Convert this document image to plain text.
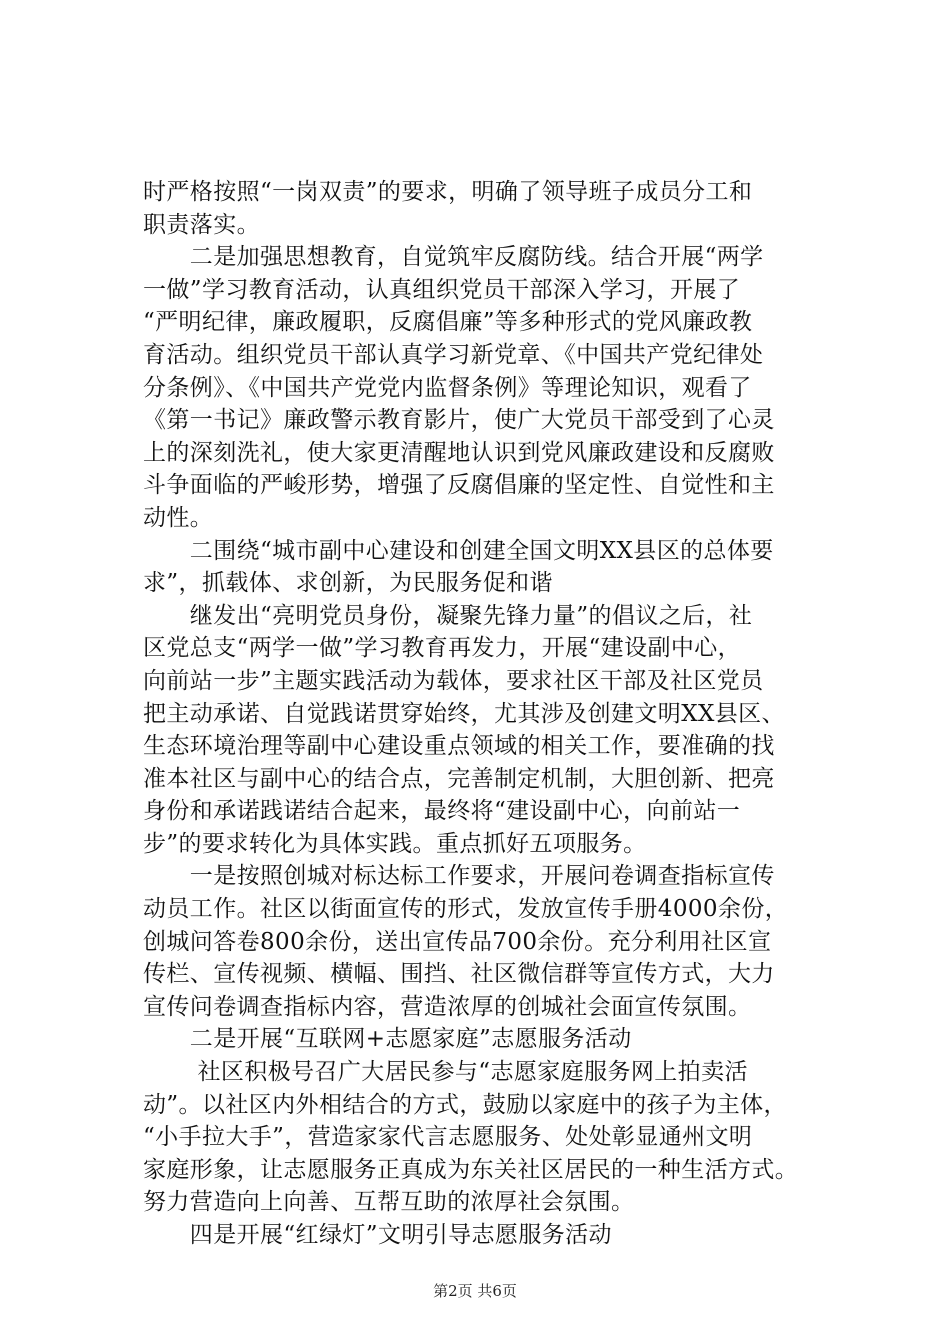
时严格按照“一岗双责”的要求，明确了领导班子成员分工和
职责落实。
　　二是加强思想教育，自觉筑牢反腐防线。结合开展“两学
一做”学习教育活动，认真组织党员干部深入学习，开展了
“严明纪律，廉政履职，反腐倡廉”等多种形式的党风廉政教
育活动。组织党员干部认真学习新党章、《中国共产党纪律处
分条例》、《中国共产党党内监督条例》等理论知识，观看了
《第一书记》廉政警示教育影片，使广大党员干部受到了心灵
上的深刻洗礼，使大家更清醒地认识到党风廉政建设和反腐败
斗争面临的严峻形势，增强了反腐倡廉的坚定性、自觉性和主
动性。
　　二围绕“城市副中心建设和创建全国文明XX县区的总体要
求”，抓载体、求创新，为民服务促和谐
　　继发出“亮明党员身份，凝聚先锋力量”的倡议之后，社
区党总支“两学一做”学习教育再发力，开展“建设副中心，
向前站一步”主题实践活动为载体，要求社区干部及社区党员
把主动承诺、自觉践诺贯穿始终，尤其涉及创建文明XX县区、
生态环境治理等副中心建设重点领域的相关工作，要准确的找
准本社区与副中心的结合点，完善制定机制，大胆创新、把亮
身份和承诺践诺结合起来，最终将“建设副中心，向前站一
步”的要求转化为具体实践。重点抓好五项服务。
　　一是按照创城对标达标工作要求，开展问卷调查指标宣传
动员工作。社区以街面宣传的形式，发放宣传手册4000余份，
创城问答卷800余份，送出宣传品700余份。充分利用社区宣
传栏、宣传视频、横幅、围挡、社区微信群等宣传方式，大力
宣传问卷调查指标内容，营造浓厚的创城社会面宣传氛围。
　　二是开展“互联网+志愿家庭”志愿服务活动
　　 社区积极号召广大居民参与“志愿家庭服务网上拍卖活
动”。以社区内外相结合的方式，鼓励以家庭中的孩子为主体，
“小手拉大手”，营造家家代言志愿服务、处处彰显通州文明
家庭形象，让志愿服务正真成为东关社区居民的一种生活方式。
努力营造向上向善、互帮互助的浓厚社会氛围。
　　四是开展“红绿灯”文明引导志愿服务活动
第2页 共6页
